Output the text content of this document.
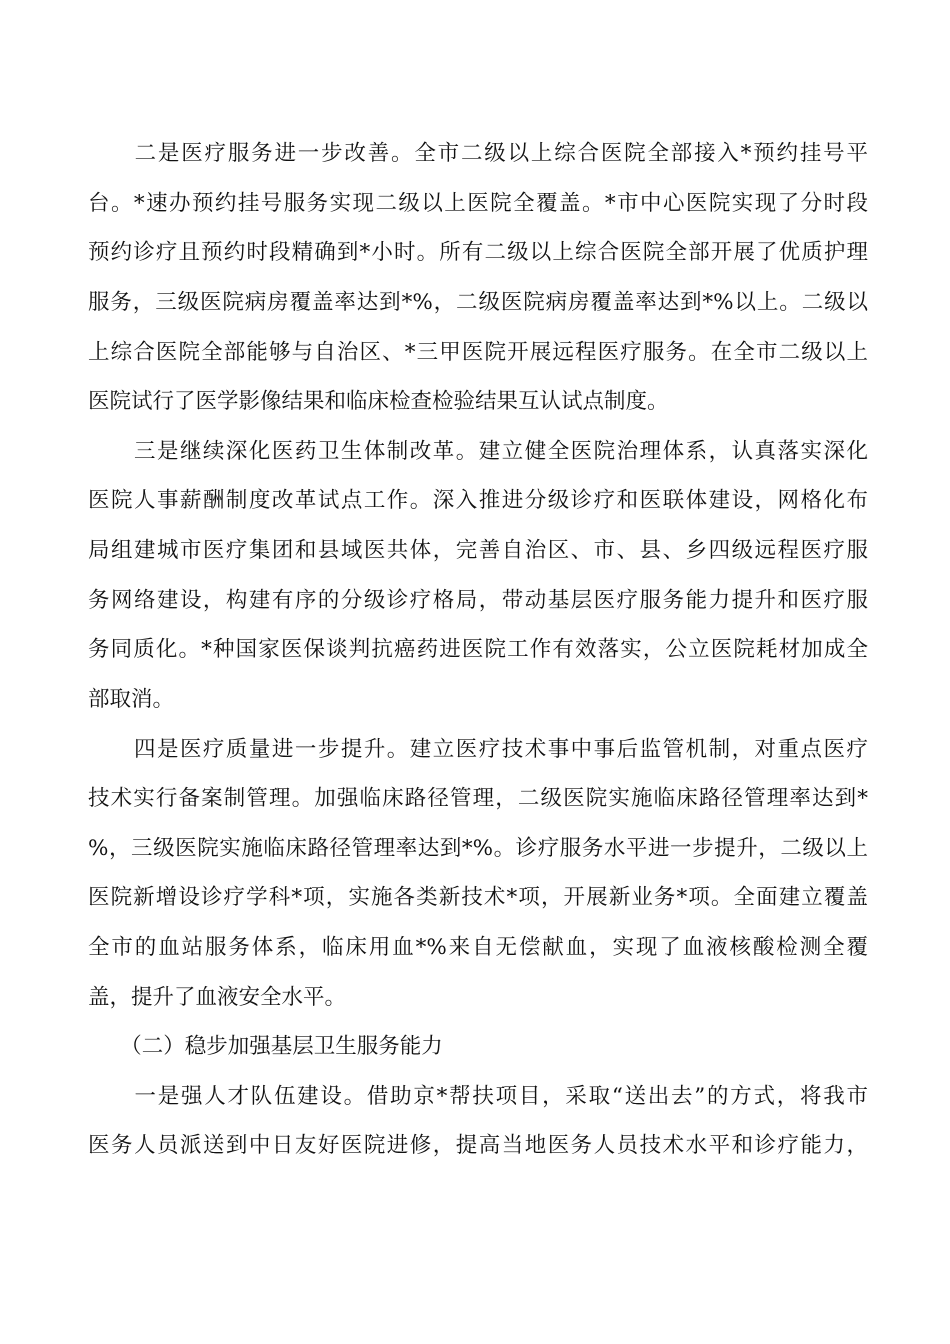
　　二是医疗服务进一步改善。全市二级以上综合医院全部接入*预约挂号平
台。*速办预约挂号服务实现二级以上医院全覆盖。*市中心医院实现了分时段
预约诊疗且预约时段精确到*小时。所有二级以上综合医院全部开展了优质护理
服务，三级医院病房覆盖率达到*%，二级医院病房覆盖率达到*%以上。二级以
上综合医院全部能够与自治区、*三甲医院开展远程医疗服务。在全市二级以上
医院试行了医学影像结果和临床检查检验结果互认试点制度。
　　三是继续深化医药卫生体制改革。建立健全医院治理体系，认真落实深化
医院人事薪酬制度改革试点工作。深入推进分级诊疗和医联体建设，网格化布
局组建城市医疗集团和县域医共体，完善自治区、市、县、乡四级远程医疗服
务网络建设，构建有序的分级诊疗格局，带动基层医疗服务能力提升和医疗服
务同质化。*种国家医保谈判抗癌药进医院工作有效落实，公立医院耗材加成全
部取消。
　　四是医疗质量进一步提升。建立医疗技术事中事后监管机制，对重点医疗
技术实行备案制管理。加强临床路径管理，二级医院实施临床路径管理率达到*
%，三级医院实施临床路径管理率达到*%。诊疗服务水平进一步提升，二级以上
医院新增设诊疗学科*项，实施各类新技术*项，开展新业务*项。全面建立覆盖
全市的血站服务体系，临床用血*%来自无偿献血，实现了血液核酸检测全覆
盖，提升了血液安全水平。
　　（二）稳步加强基层卫生服务能力
　　一是强人才队伍建设。借助京*帮扶项目，采取“送出去”的方式，将我市
医务人员派送到中日友好医院进修，提高当地医务人员技术水平和诊疗能力，
